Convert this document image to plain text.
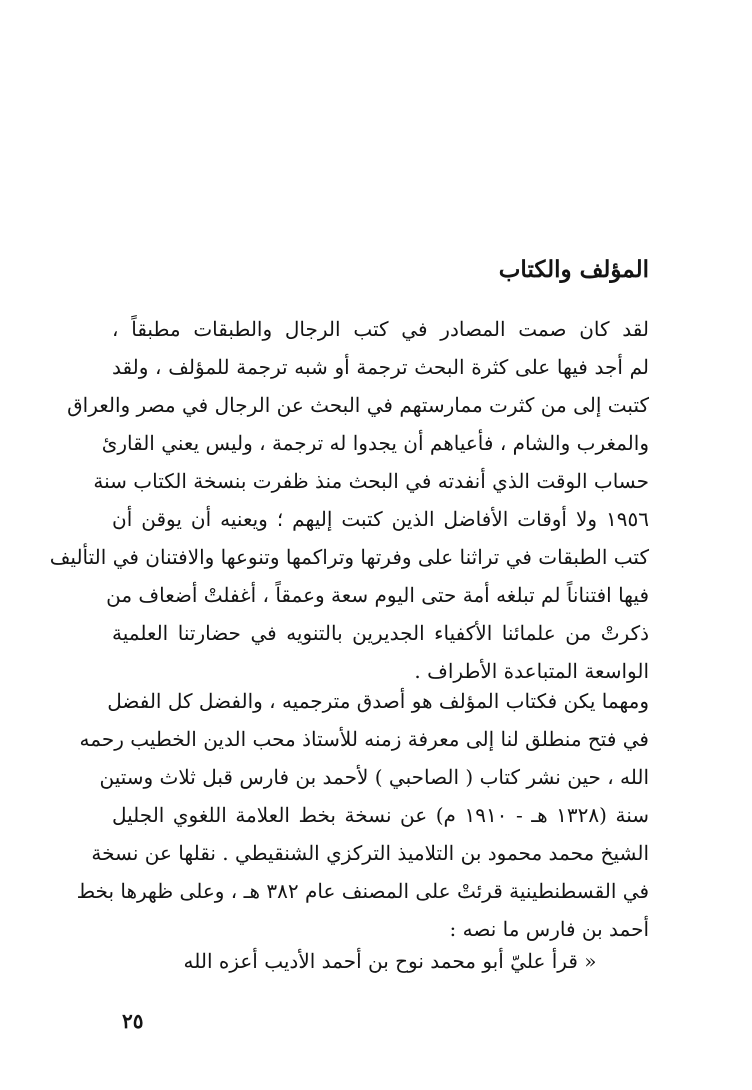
المؤلف والكتاب
لقد كان صمت المصادر في كتب الرجال والطبقات مطبقاً ،
لم أجد فيها على كثرة البحث ترجمة أو شبه ترجمة للمؤلف ، ولقد
كتبت إلى من كثرت ممارستهم في البحث عن الرجال في مصر والعراق
والمغرب والشام ، فأعياهم أن يجدوا له ترجمة ، وليس يعني القارئ
حساب الوقت الذي أنفدته في البحث منذ ظفرت بنسخة الكتاب سنة
١٩٥٦ ولا أوقات الأفاضل الذين كتبت إليهم ؛ ويعنيه أن يوقن أن
كتب الطبقات في تراثنا على وفرتها وتراكمها وتنوعها والافتنان في التأليف
فيها افتناناً لم تبلغه أمة حتى اليوم سعة وعمقاً ، أغفلتْ أضعاف من
ذكرتْ من علمائنا الأكفياء الجديرين بالتنويه في حضارتنا العلمية
الواسعة المتباعدة الأطراف .
ومهما يكن فكتاب المؤلف هو أصدق مترجميه ، والفضل كل الفضل
في فتح منطلق لنا إلى معرفة زمنه للأستاذ محب الدين الخطيب رحمه
الله ، حين نشر كتاب ( الصاحبي ) لأحمد بن فارس قبل ثلاث وستين
سنة (١٣٢٨ هـ - ١٩١٠ م) عن نسخة بخط العلامة اللغوي الجليل
الشيخ محمد محمود بن التلاميذ التركزي الشنقيطي . نقلها عن نسخة
في القسطنطينية قرئتْ على المصنف عام ٣٨٢ هـ ، وعلى ظهرها بخط
أحمد بن فارس ما نصه :
« قرأ عليّ أبو محمد نوح بن أحمد الأديب أعزه الله
٢٥
